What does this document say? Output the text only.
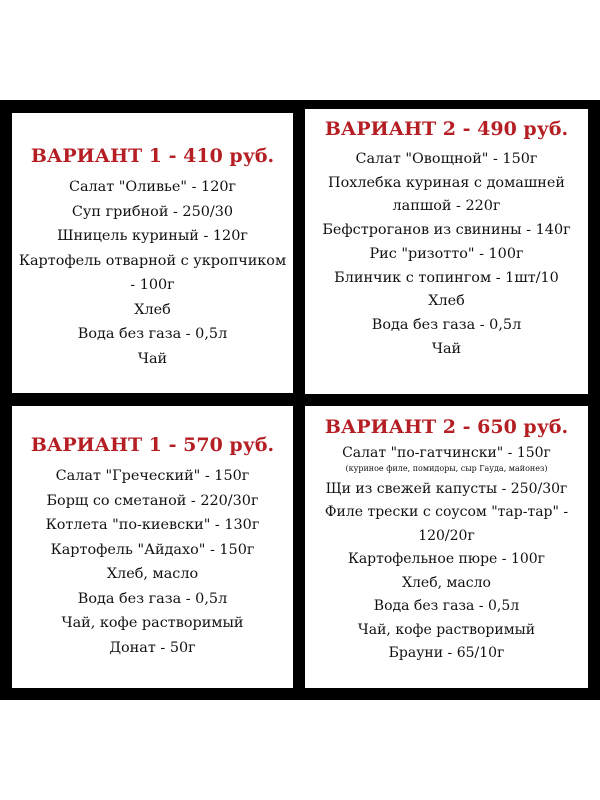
ВАРИАНТ 1 - 410 руб.
Салат "Оливье" - 120г
Суп грибной - 250/30
Шницель куриный - 120г
Картофель отварной с укропчиком - 100г
Хлеб
Вода без газа - 0,5л
Чай
ВАРИАНТ 2 - 490 руб.
Салат "Овощной" - 150г
Похлебка куриная с домашней лапшой - 220г
Бефстроганов из свинины - 140г
Рис "ризотто" - 100г
Блинчик с топингом - 1шт/10
Хлеб
Вода без газа - 0,5л
Чай
ВАРИАНТ 1 - 570 руб.
Салат "Греческий" - 150г
Борщ со сметаной - 220/30г
Котлета "по-киевски" - 130г
Картофель "Айдахо" - 150г
Хлеб, масло
Вода без газа - 0,5л
Чай, кофе растворимый
Донат - 50г
ВАРИАНТ 2 - 650 руб.
Салат "по-гатчински" - 150г
(куриное филе, помидоры, сыр Гауда, майонез)
Щи из свежей капусты - 250/30г
Филе трески с соусом "тар-тар" - 120/20г
Картофельное пюре - 100г
Хлеб, масло
Вода без газа - 0,5л
Чай, кофе растворимый
Брауни - 65/10г
